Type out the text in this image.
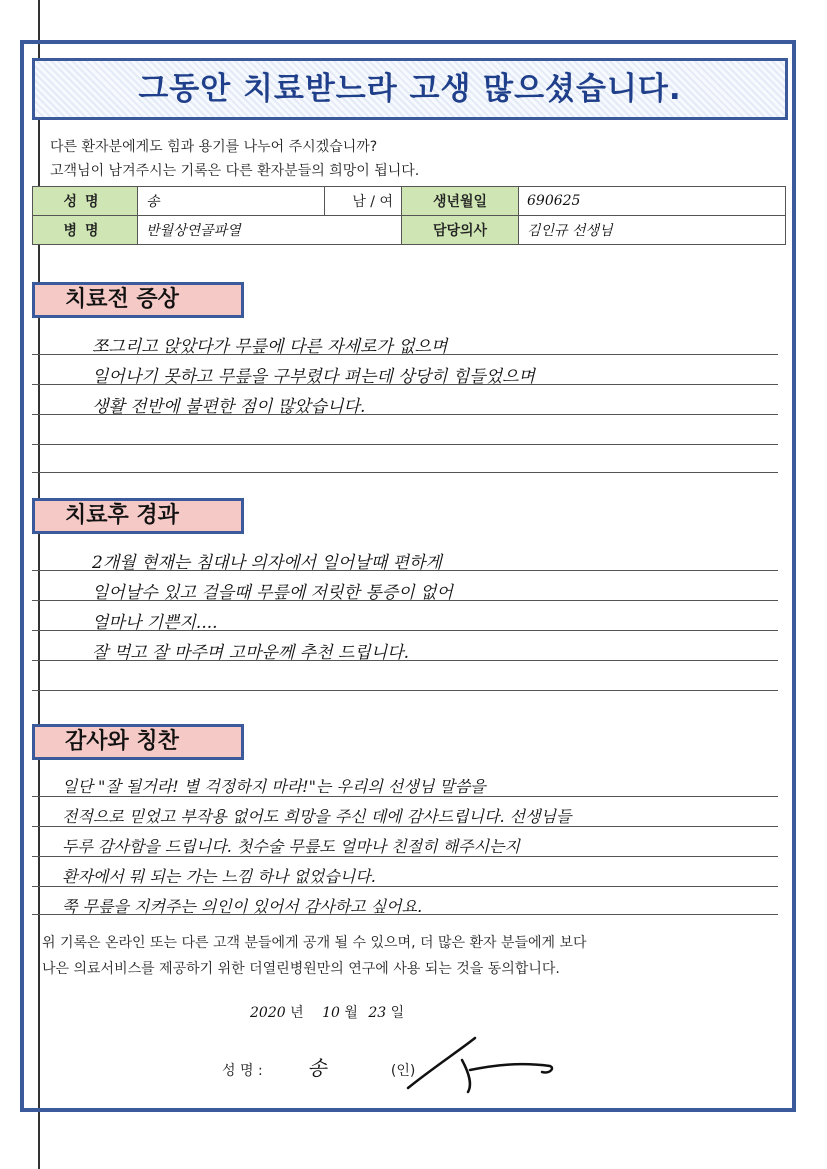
그동안 치료받느라 고생 많으셨습니다.
다른 환자분에게도 힘과 용기를 나누어 주시겠습니까?
고객님이 남겨주시는 기록은 다른 환자분들의 희망이 됩니다.
성명	송	남 / 여	생년월일	690625
병명	반월상연골파열		담당의사	김인규 선생님
치료전 증상
쪼그리고 앉았다가 무릎에 다른 자세로가 없으며
일어나기 못하고 무릎을 구부렸다 펴는데 상당히 힘들었으며
생활 전반에 불편한 점이 많았습니다.
치료후 경과
2개월 현재는 침대나 의자에서 일어날때 편하게
일어날수 있고 걸을때 무릎에 저릿한 통증이 없어
얼마나 기쁜지....
잘 먹고 잘 마주며 고마운께 추천 드립니다.
감사와 칭찬
일단 "잘 될거라! 별 걱정하지 마라!"는 우리의 선생님 말씀을
전적으로 믿었고 부작용 없어도 희망을 주신 데에 감사드립니다. 선생님들
두루 감사함을 드립니다. 첫수술 무릎도 얼마나 친절히 해주시는지
환자에서 뭐 되는 가는 느낌 하나 없었습니다.
쭉 무릎을 지켜주는 의인이 있어서 감사하고 싶어요.
위 기록은 온라인 또는 다른 고객 분들에게 공개 될 수 있으며, 더 많은 환자 분들에게 보다
나은 의료서비스를 제공하기 위한 더열린병원만의 연구에 사용 되는 것을 동의합니다.
2020 년 10 월 23 일
성 명 : 송	(인)
